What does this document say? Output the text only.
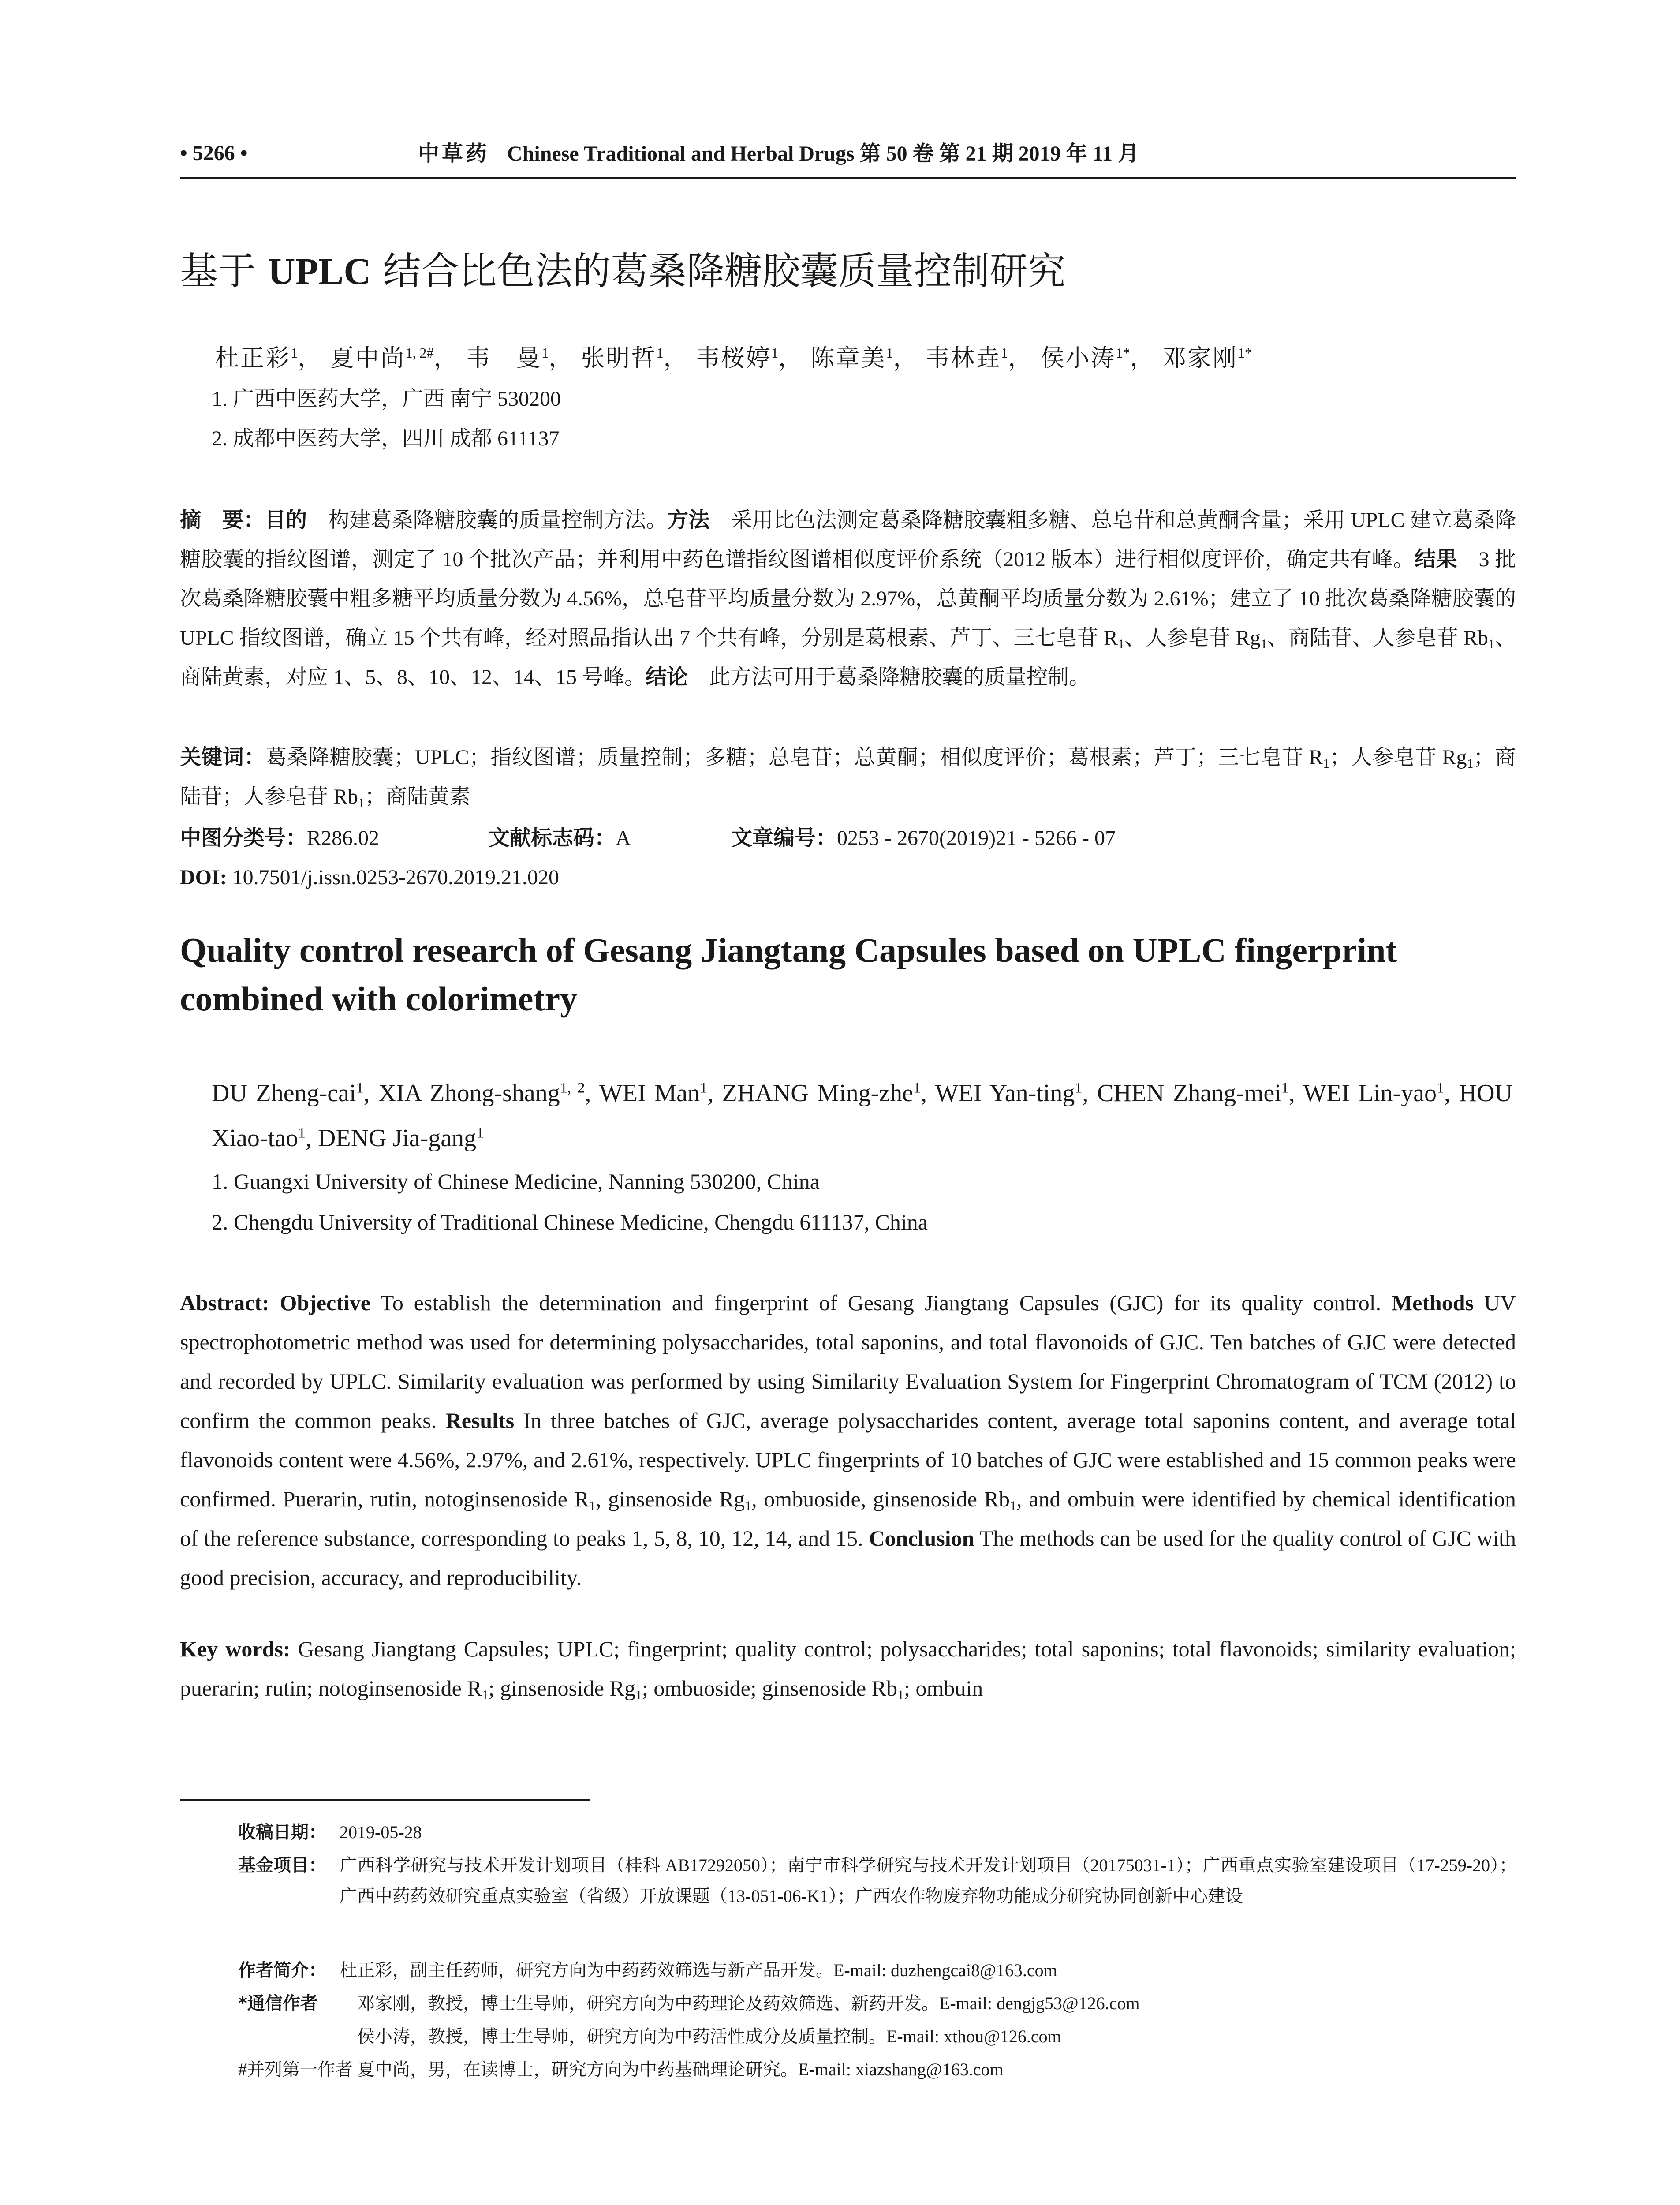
• 5266 •	中草药 Chinese Traditional and Herbal Drugs 第 50 卷 第 21 期 2019 年 11 月
基于 UPLC 结合比色法的葛桑降糖胶囊质量控制研究
杜正彩$^1$， 夏中尚$^{1, 2\#}$， 韦　曼$^1$， 张明哲$^1$， 韦桜婷$^1$， 陈章美$^1$， 韦林垚$^1$， 侯小涛$^{1*}$， 邓家刚$^{1*}$
1. 广西中医药大学，广西 南宁 530200
2. 成都中医药大学，四川 成都 611137
摘　要：目的　构建葛桑降糖胶囊的质量控制方法。方法　采用比色法测定葛桑降糖胶囊粗多糖、总皂苷和总黄酮含量；采用 UPLC 建立葛桑降糖胶囊的指纹图谱，测定了 10 个批次产品；并利用中药色谱指纹图谱相似度评价系统（2012 版本）进行相似度评价，确定共有峰。结果　3 批次葛桑降糖胶囊中粗多糖平均质量分数为 4.56%，总皂苷平均质量分数为 2.97%，总黄酮平均质量分数为 2.61%；建立了 10 批次葛桑降糖胶囊的 UPLC 指纹图谱，确立 15 个共有峰，经对照品指认出 7 个共有峰，分别是葛根素、芦丁、三七皂苷 $R_1$、人参皂苷 $Rg_1$、商陆苷、人参皂苷 $Rb_1$、商陆黄素，对应 1、5、8、10、12、14、15 号峰。结论　此方法可用于葛桑降糖胶囊的质量控制。
关键词：葛桑降糖胶囊；UPLC；指纹图谱；质量控制；多糖；总皂苷；总黄酮；相似度评价；葛根素；芦丁；三七皂苷 $R_1$；人参皂苷 $Rg_1$；商陆苷；人参皂苷 $Rb_1$；商陆黄素
中图分类号：R286.02	文献标志码：A	文章编号：0253 - 2670(2019)21 - 5266 - 07
DOI: 10.7501/j.issn.0253-2670.2019.21.020
Quality control research of Gesang Jiangtang Capsules based on UPLC fingerprint combined with colorimetry
DU Zheng-cai$^1$, XIA Zhong-shang$^{1, 2}$, WEI Man$^1$, ZHANG Ming-zhe$^1$, WEI Yan-ting$^1$, CHEN Zhang-mei$^1$, WEI Lin-yao$^1$, HOU Xiao-tao$^1$, DENG Jia-gang$^1$
1. Guangxi University of Chinese Medicine, Nanning 530200, China
2. Chengdu University of Traditional Chinese Medicine, Chengdu 611137, China
Abstract: Objective To establish the determination and fingerprint of Gesang Jiangtang Capsules (GJC) for its quality control. Methods UV spectrophotometric method was used for determining polysaccharides, total saponins, and total flavonoids of GJC. Ten batches of GJC were detected and recorded by UPLC. Similarity evaluation was performed by using Similarity Evaluation System for Fingerprint Chromatogram of TCM (2012) to confirm the common peaks. Results In three batches of GJC, average polysaccharides content, average total saponins content, and average total flavonoids content were 4.56%, 2.97%, and 2.61%, respectively. UPLC fingerprints of 10 batches of GJC were established and 15 common peaks were confirmed. Puerarin, rutin, notoginsenoside $R_1$, ginsenoside $Rg_1$, ombuoside, ginsenoside $Rb_1$, and ombuin were identified by chemical identification of the reference substance, corresponding to peaks 1, 5, 8, 10, 12, 14, and 15. Conclusion The methods can be used for the quality control of GJC with good precision, accuracy, and reproducibility.
Key words: Gesang Jiangtang Capsules; UPLC; fingerprint; quality control; polysaccharides; total saponins; total flavonoids; similarity evaluation; puerarin; rutin; notoginsenoside $R_1$; ginsenoside $Rg_1$; ombuoside; ginsenoside $Rb_1$; ombuin
收稿日期： 2019-05-28
基金项目： 广西科学研究与技术开发计划项目（桂科 AB17292050）；南宁市科学研究与技术开发计划项目（20175031-1）；广西重点实验室建设项目（17-259-20）；广西中药药效研究重点实验室（省级）开放课题（13-051-06-K1）；广西农作物废弃物功能成分研究协同创新中心建设
作者简介： 杜正彩，副主任药师，研究方向为中药药效筛选与新产品开发。E-mail: duzhengcai8@163.com
*通信作者 邓家刚，教授，博士生导师，研究方向为中药理论及药效筛选、新药开发。E-mail: dengjg53@126.com
侯小涛，教授，博士生导师，研究方向为中药活性成分及质量控制。E-mail: xthou@126.com
#并列第一作者 夏中尚，男，在读博士，研究方向为中药基础理论研究。E-mail: xiazshang@163.com
